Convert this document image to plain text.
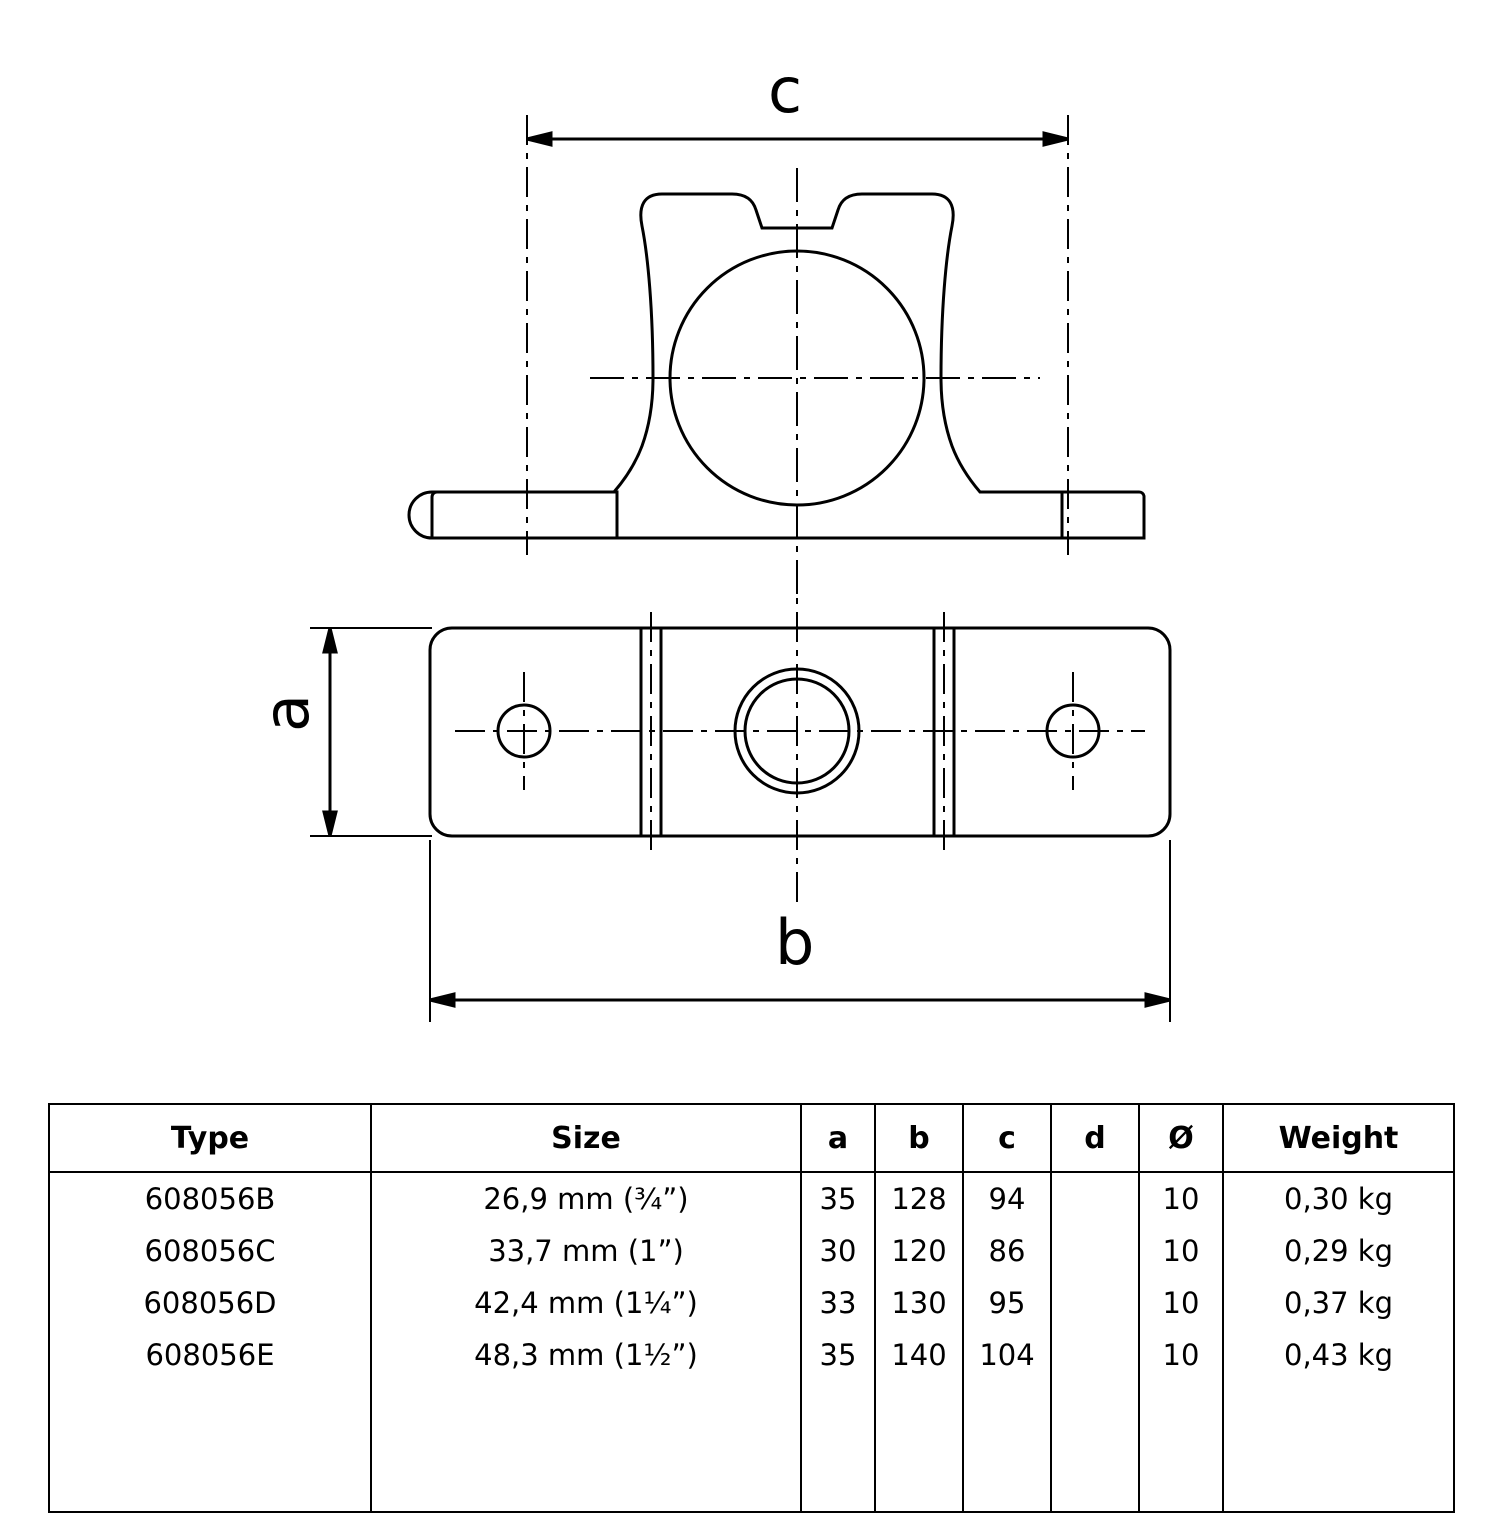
c
b
a
Type	Size	a	b	c	d	Ø	Weight
608056B	26,9 mm (¾”)	35	128	94		10	0,30 kg
608056C	33,7 mm (1”)	30	120	86		10	0,29 kg
608056D	42,4 mm (1¼”)	33	130	95		10	0,37 kg
608056E	48,3 mm (1½”)	35	140	104		10	0,43 kg
